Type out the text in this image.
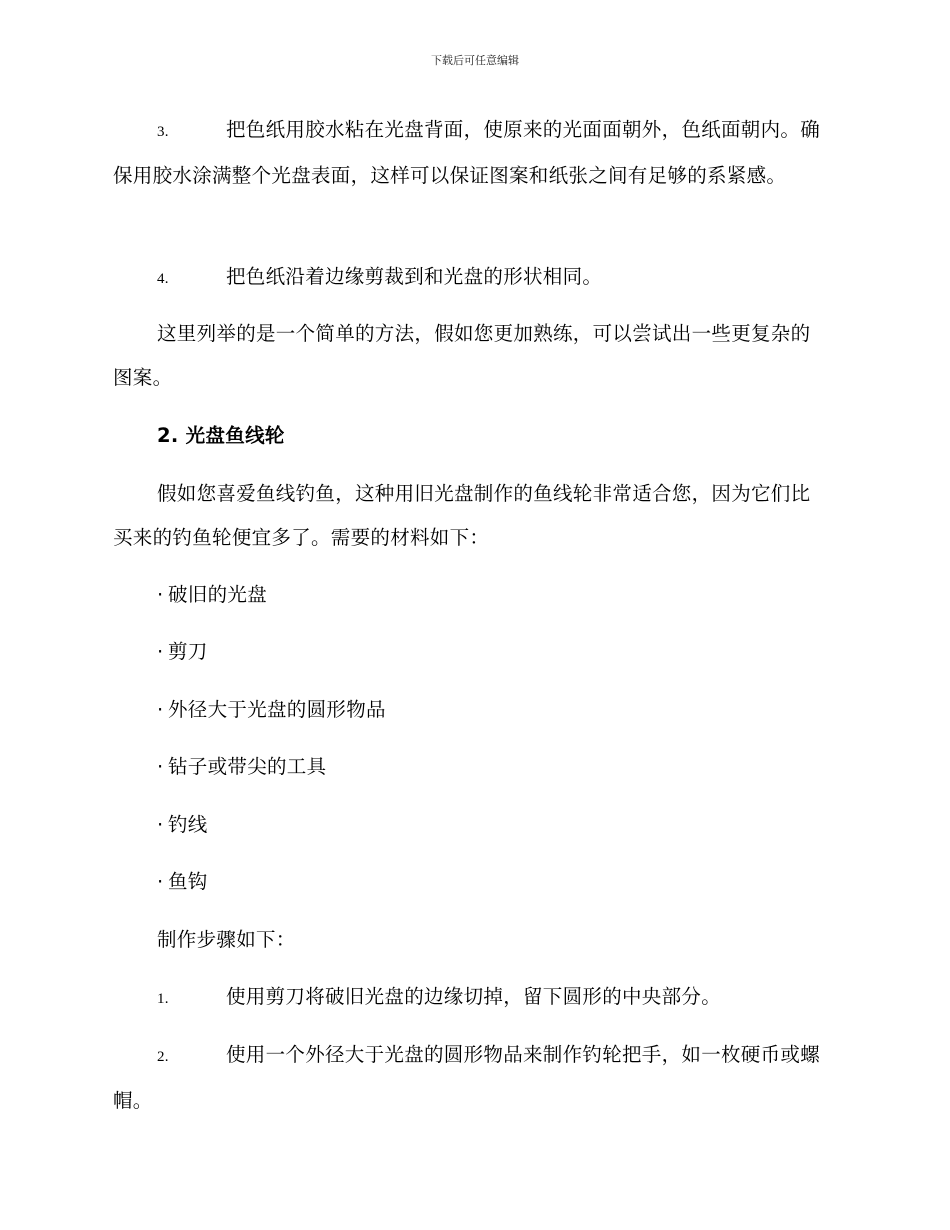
下载后可任意编辑
3.	把色纸用胶水粘在光盘背面，使原来的光面面朝外，色纸面朝内。确保用胶水涂满整个光盘表面，这样可以保证图案和纸张之间有足够的系紧感。
4.	把色纸沿着边缘剪裁到和光盘的形状相同。
这里列举的是一个简单的方法，假如您更加熟练，可以尝试出一些更复杂的图案。
2. 光盘鱼线轮
假如您喜爱鱼线钓鱼，这种用旧光盘制作的鱼线轮非常适合您，因为它们比买来的钓鱼轮便宜多了。需要的材料如下：
· 破旧的光盘
· 剪刀
· 外径大于光盘的圆形物品
· 钻子或带尖的工具
· 钓线
· 鱼钩
制作步骤如下：
1.	使用剪刀将破旧光盘的边缘切掉，留下圆形的中央部分。
2.	使用一个外径大于光盘的圆形物品来制作钓轮把手，如一枚硬币或螺帽。
